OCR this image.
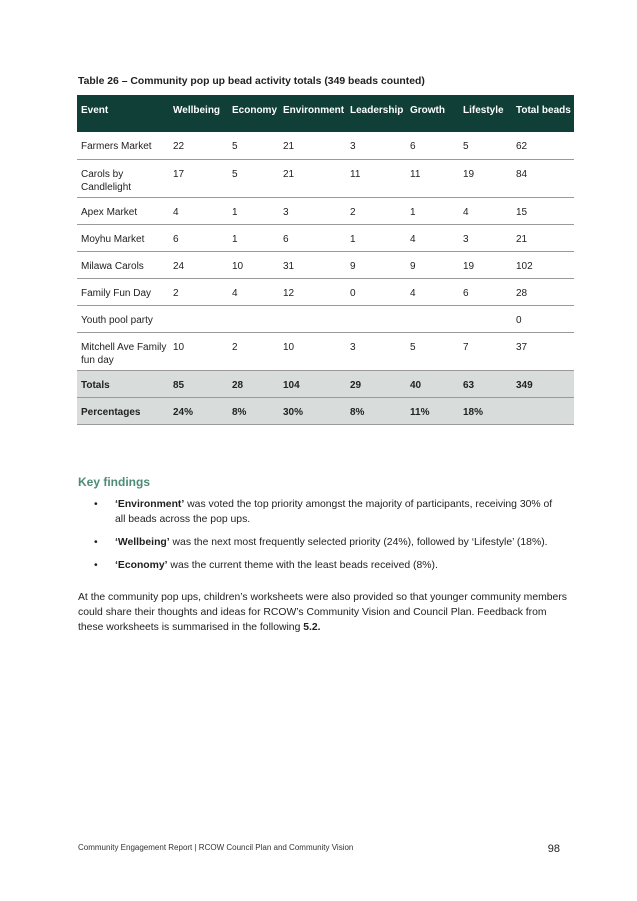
Table 26 – Community pop up bead activity totals (349 beads counted)
Event	Wellbeing	Economy	Environment	Leadership	Growth	Lifestyle	Total beads
Farmers Market	22	5	21	3	6	5	62
Carols by Candlelight	17	5	21	11	11	19	84
Apex Market	4	1	3	2	1	4	15
Moyhu Market	6	1	6	1	4	3	21
Milawa Carols	24	10	31	9	9	19	102
Family Fun Day	2	4	12	0	4	6	28
Youth pool party							0
Mitchell Ave Family fun day	10	2	10	3	5	7	37
Totals	85	28	104	29	40	63	349
Percentages	24%	8%	30%	8%	11%	18%	
Key findings
• ‘Environment’ was voted the top priority amongst the majority of participants, receiving 30% of all beads across the pop ups.
• ‘Wellbeing’ was the next most frequently selected priority (24%), followed by ‘Lifestyle’ (18%).
• ‘Economy’ was the current theme with the least beads received (8%).

At the community pop ups, children’s worksheets were also provided so that younger community members could share their thoughts and ideas for RCOW’s Community Vision and Council Plan. Feedback from these worksheets is summarised in the following 5.2.

Community Engagement Report | RCOW Council Plan and Community Vision	98
